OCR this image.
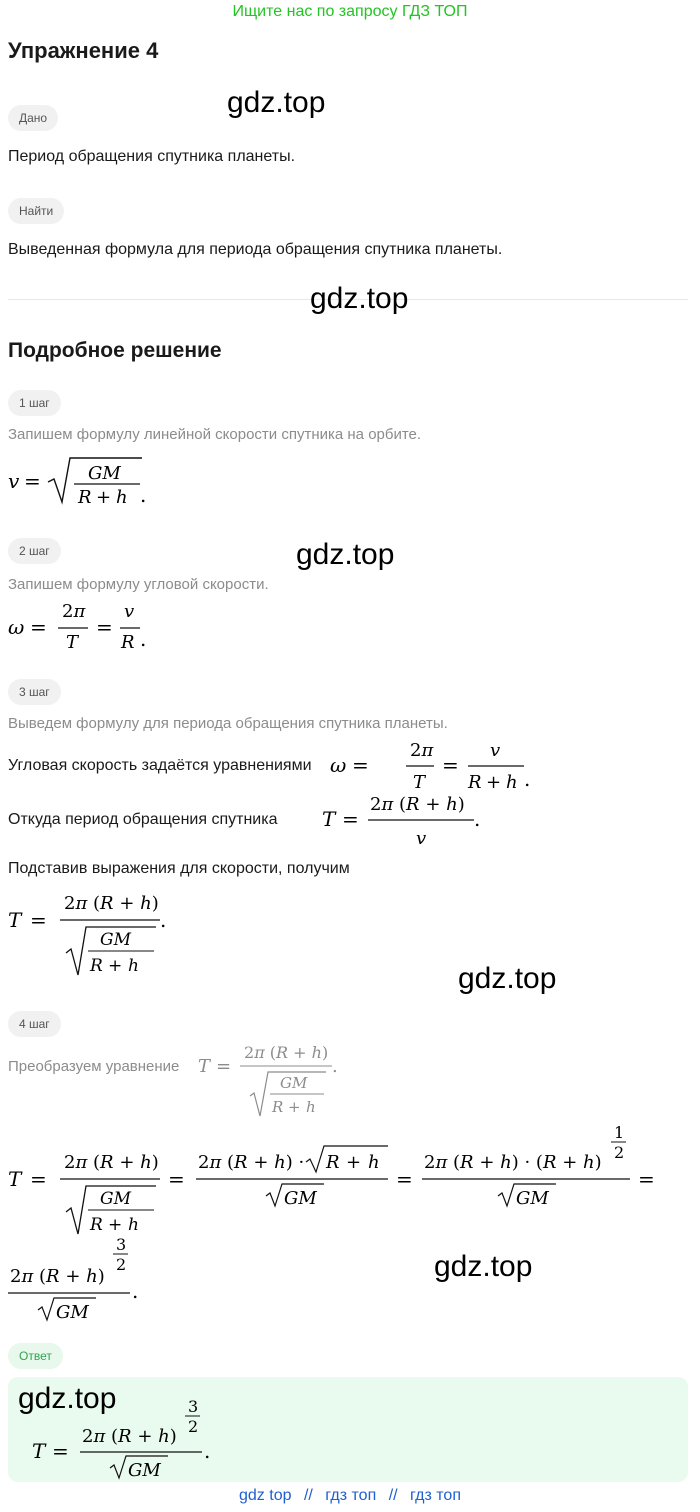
Ищите нас по запросу ГДЗ ТОП
Упражнение 4
gdz.top
Дано
Период обращения спутника планеты.
Найти
Выведенная формула для периода обращения спутника планеты.
gdz.top
Подробное решение
1 шаг
Запишем формулу линейной скорости спутника на орбите.
v =	GM
R + h .
gdz.top
2 шаг
Запишем формулу угловой скорости.
ω =
2π
T
=
v
R .
3 шаг
Выведем формулу для периода обращения спутника планеты.
Угловая скорость задаётся уравнениями ω =
2π
T
=
v
R + h .
Откуда период обращения спутника T =
2π (R + h)
v
.
Подставив выражения для скорости, получим
T =
2π (R + h)
GM
R + h
.
gdz.top
4 шаг
Преобразуем уравнение T =
2π (R + h)
GM
R + h
.
T =
2π (R + h)
GM
R + h
=
2π (R + h) · R + h
GM
=
2π (R + h) · (R + h)
1
2
GM
=
2π (R + h)
3
2
GM
.
gdz.top
Ответ
gdz.top
T =
2π (R + h)
3
2
GM
.
gdz top // гдз топ // гдз топ
